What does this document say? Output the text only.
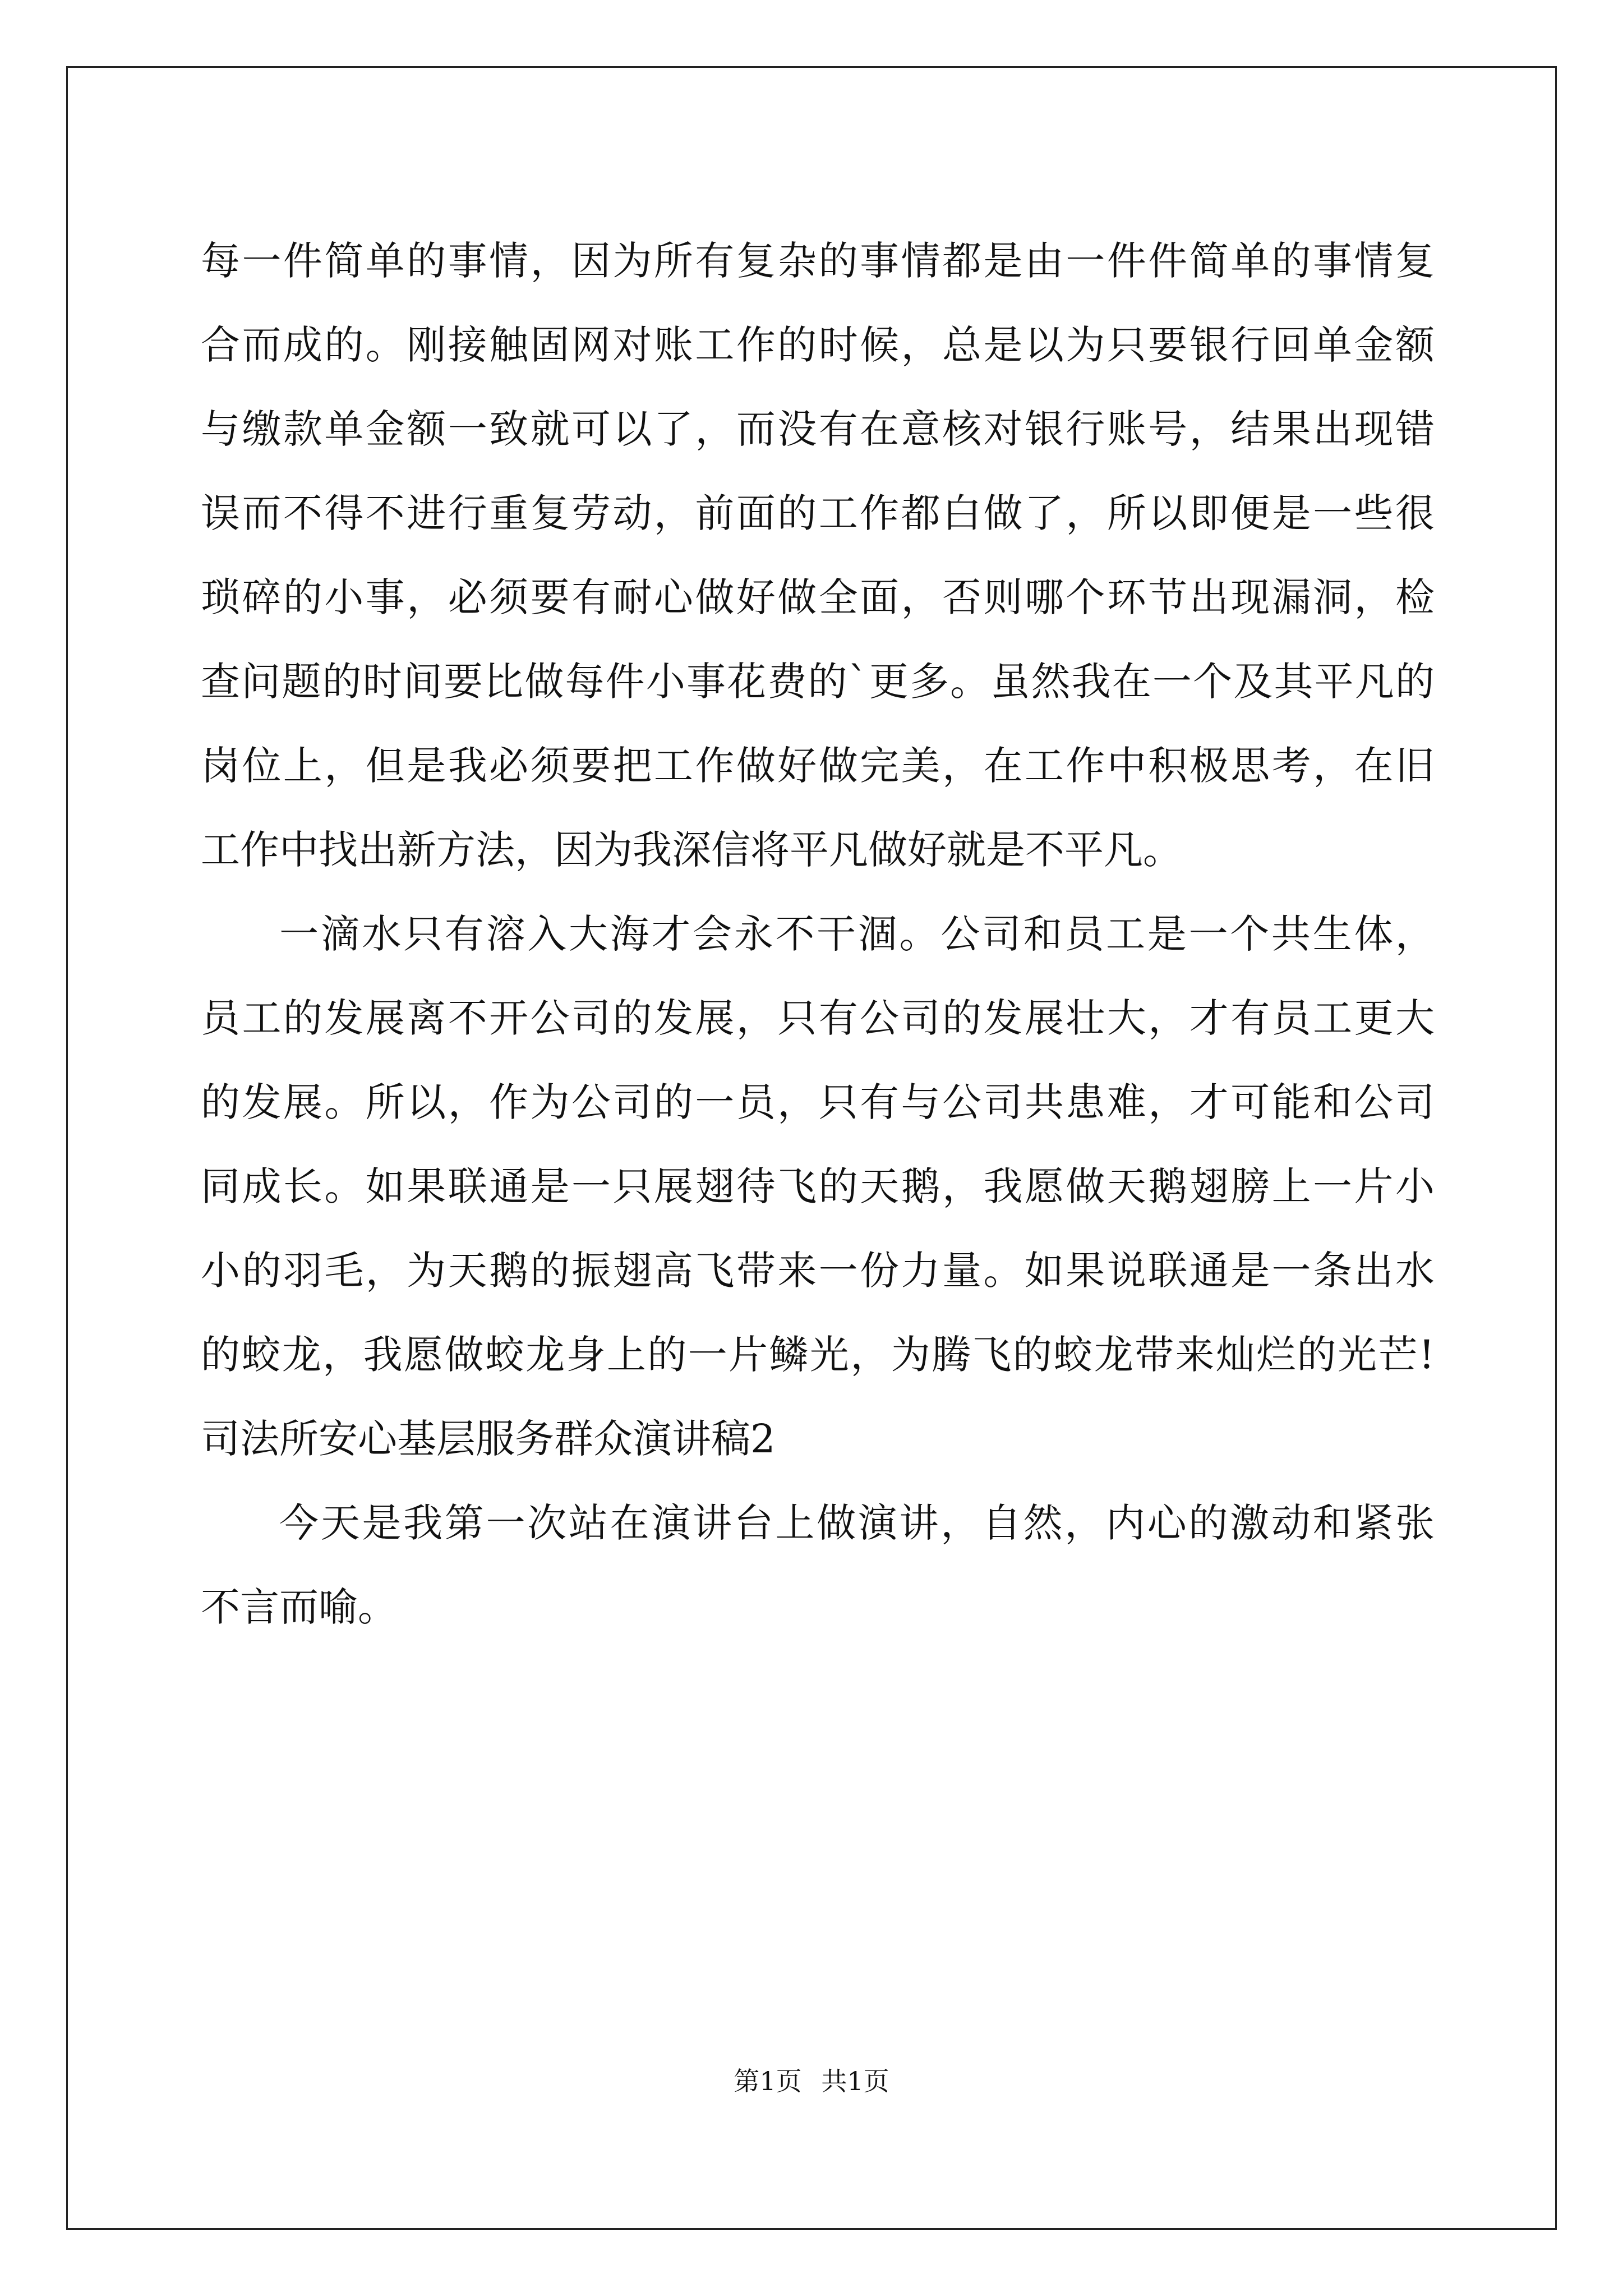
每一件简单的事情，因为所有复杂的事情都是由一件件简单的事情复
合而成的。刚接触固网对账工作的时候，总是以为只要银行回单金额
与缴款单金额一致就可以了，而没有在意核对银行账号，结果出现错
误而不得不进行重复劳动，前面的工作都白做了，所以即便是一些很
琐碎的小事，必须要有耐心做好做全面，否则哪个环节出现漏洞，检
查问题的时间要比做每件小事花费的`更多。虽然我在一个及其平凡的
岗位上，但是我必须要把工作做好做完美，在工作中积极思考，在旧
工作中找出新方法，因为我深信将平凡做好就是不平凡。
一滴水只有溶入大海才会永不干涸。公司和员工是一个共生体，
员工的发展离不开公司的发展，只有公司的发展壮大，才有员工更大
的发展。所以，作为公司的一员，只有与公司共患难，才可能和公司
同成长。如果联通是一只展翅待飞的天鹅，我愿做天鹅翅膀上一片小
小的羽毛，为天鹅的振翅高飞带来一份力量。如果说联通是一条出水
的蛟龙，我愿做蛟龙身上的一片鳞光，为腾飞的蛟龙带来灿烂的光芒!
司法所安心基层服务群众演讲稿2
今天是我第一次站在演讲台上做演讲，自然，内心的激动和紧张
不言而喻。
第1页 共1页
